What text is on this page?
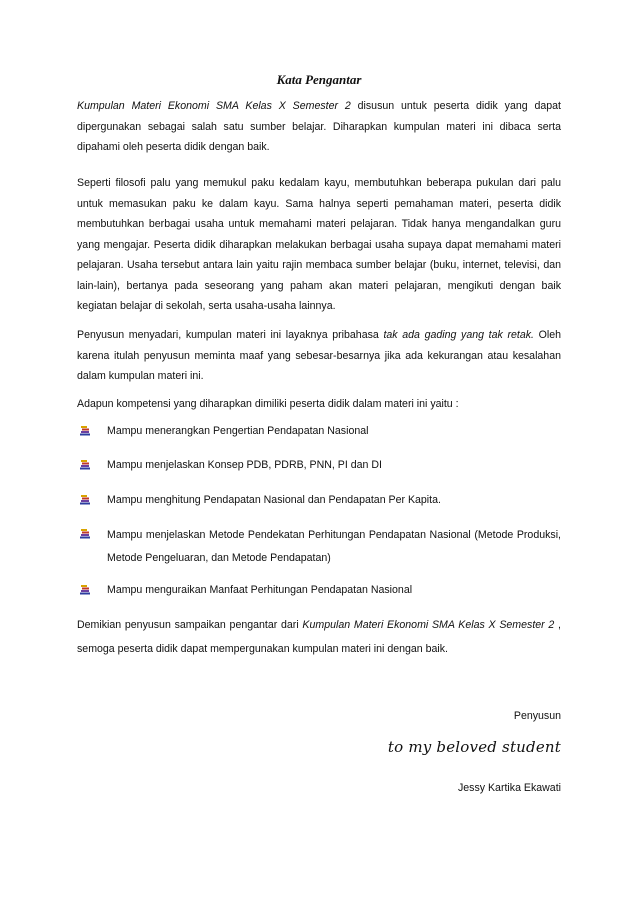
Kata Pengantar

Kumpulan Materi Ekonomi SMA Kelas X Semester 2 disusun untuk peserta didik yang dapat dipergunakan sebagai salah satu sumber belajar. Diharapkan kumpulan materi ini dibaca serta dipahami oleh peserta didik dengan baik.

Seperti filosofi palu yang memukul paku kedalam kayu, membutuhkan beberapa pukulan dari palu untuk memasukan paku ke dalam kayu. Sama halnya seperti pemahaman materi, peserta didik membutuhkan berbagai usaha untuk memahami materi pelajaran. Tidak hanya mengandalkan guru yang mengajar. Peserta didik diharapkan melakukan berbagai usaha supaya dapat memahami materi pelajaran. Usaha tersebut antara lain yaitu rajin membaca sumber belajar (buku, internet, televisi, dan lain-lain), bertanya pada seseorang yang paham akan materi pelajaran, mengikuti dengan baik kegiatan belajar di sekolah, serta usaha-usaha lainnya.

Penyusun menyadari, kumpulan materi ini layaknya pribahasa tak ada gading yang tak retak. Oleh karena itulah penyusun meminta maaf yang sebesar-besarnya jika ada kekurangan atau kesalahan dalam kumpulan materi ini.

Adapun kompetensi yang diharapkan dimiliki peserta didik dalam materi ini yaitu :

Mampu menerangkan Pengertian Pendapatan Nasional
Mampu menjelaskan Konsep PDB, PDRB, PNN, PI dan DI
Mampu menghitung Pendapatan Nasional dan Pendapatan Per Kapita.
Mampu menjelaskan Metode Pendekatan Perhitungan Pendapatan Nasional (Metode Produksi, Metode Pengeluaran, dan Metode Pendapatan)
Mampu menguraikan Manfaat Perhitungan Pendapatan Nasional

Demikian penyusun sampaikan pengantar dari Kumpulan Materi Ekonomi SMA Kelas X Semester 2 , semoga peserta didik dapat mempergunakan kumpulan materi ini dengan baik.

Penyusun
to my beloved student
Jessy Kartika Ekawati
